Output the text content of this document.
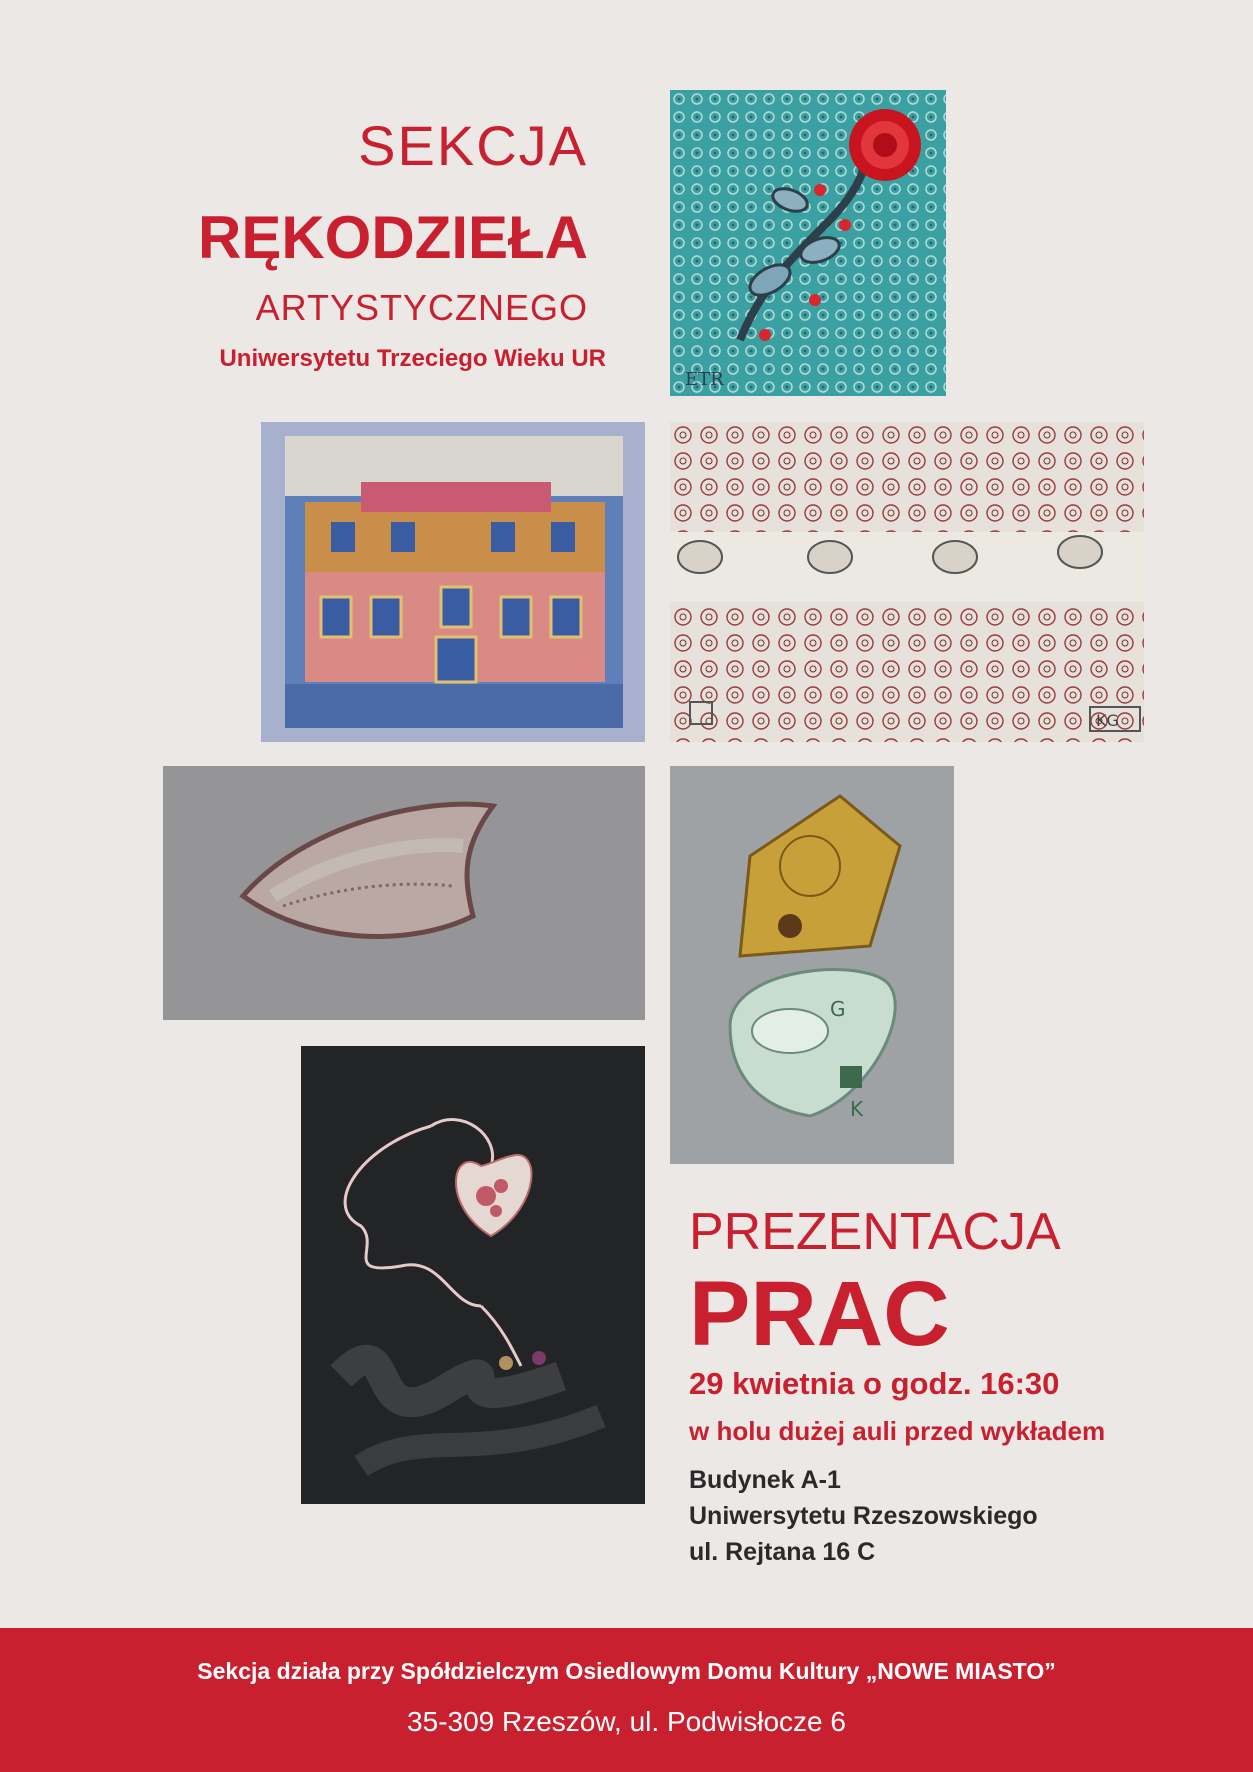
SEKCJA
RĘKODZIEŁA
ARTYSTYCZNEGO
Uniwersytetu Trzeciego Wieku UR
ETR
KG
G
K
PREZENTACJA
PRAC
29 kwietnia o godz. 16:30
w holu dużej auli przed wykładem
Budynek A-1
Uniwersytetu Rzeszowskiego
ul. Rejtana 16 C
Sekcja działa przy Spółdzielczym Osiedlowym Domu Kultury „NOWE MIASTO”
35-309 Rzeszów, ul. Podwisłocze 6
